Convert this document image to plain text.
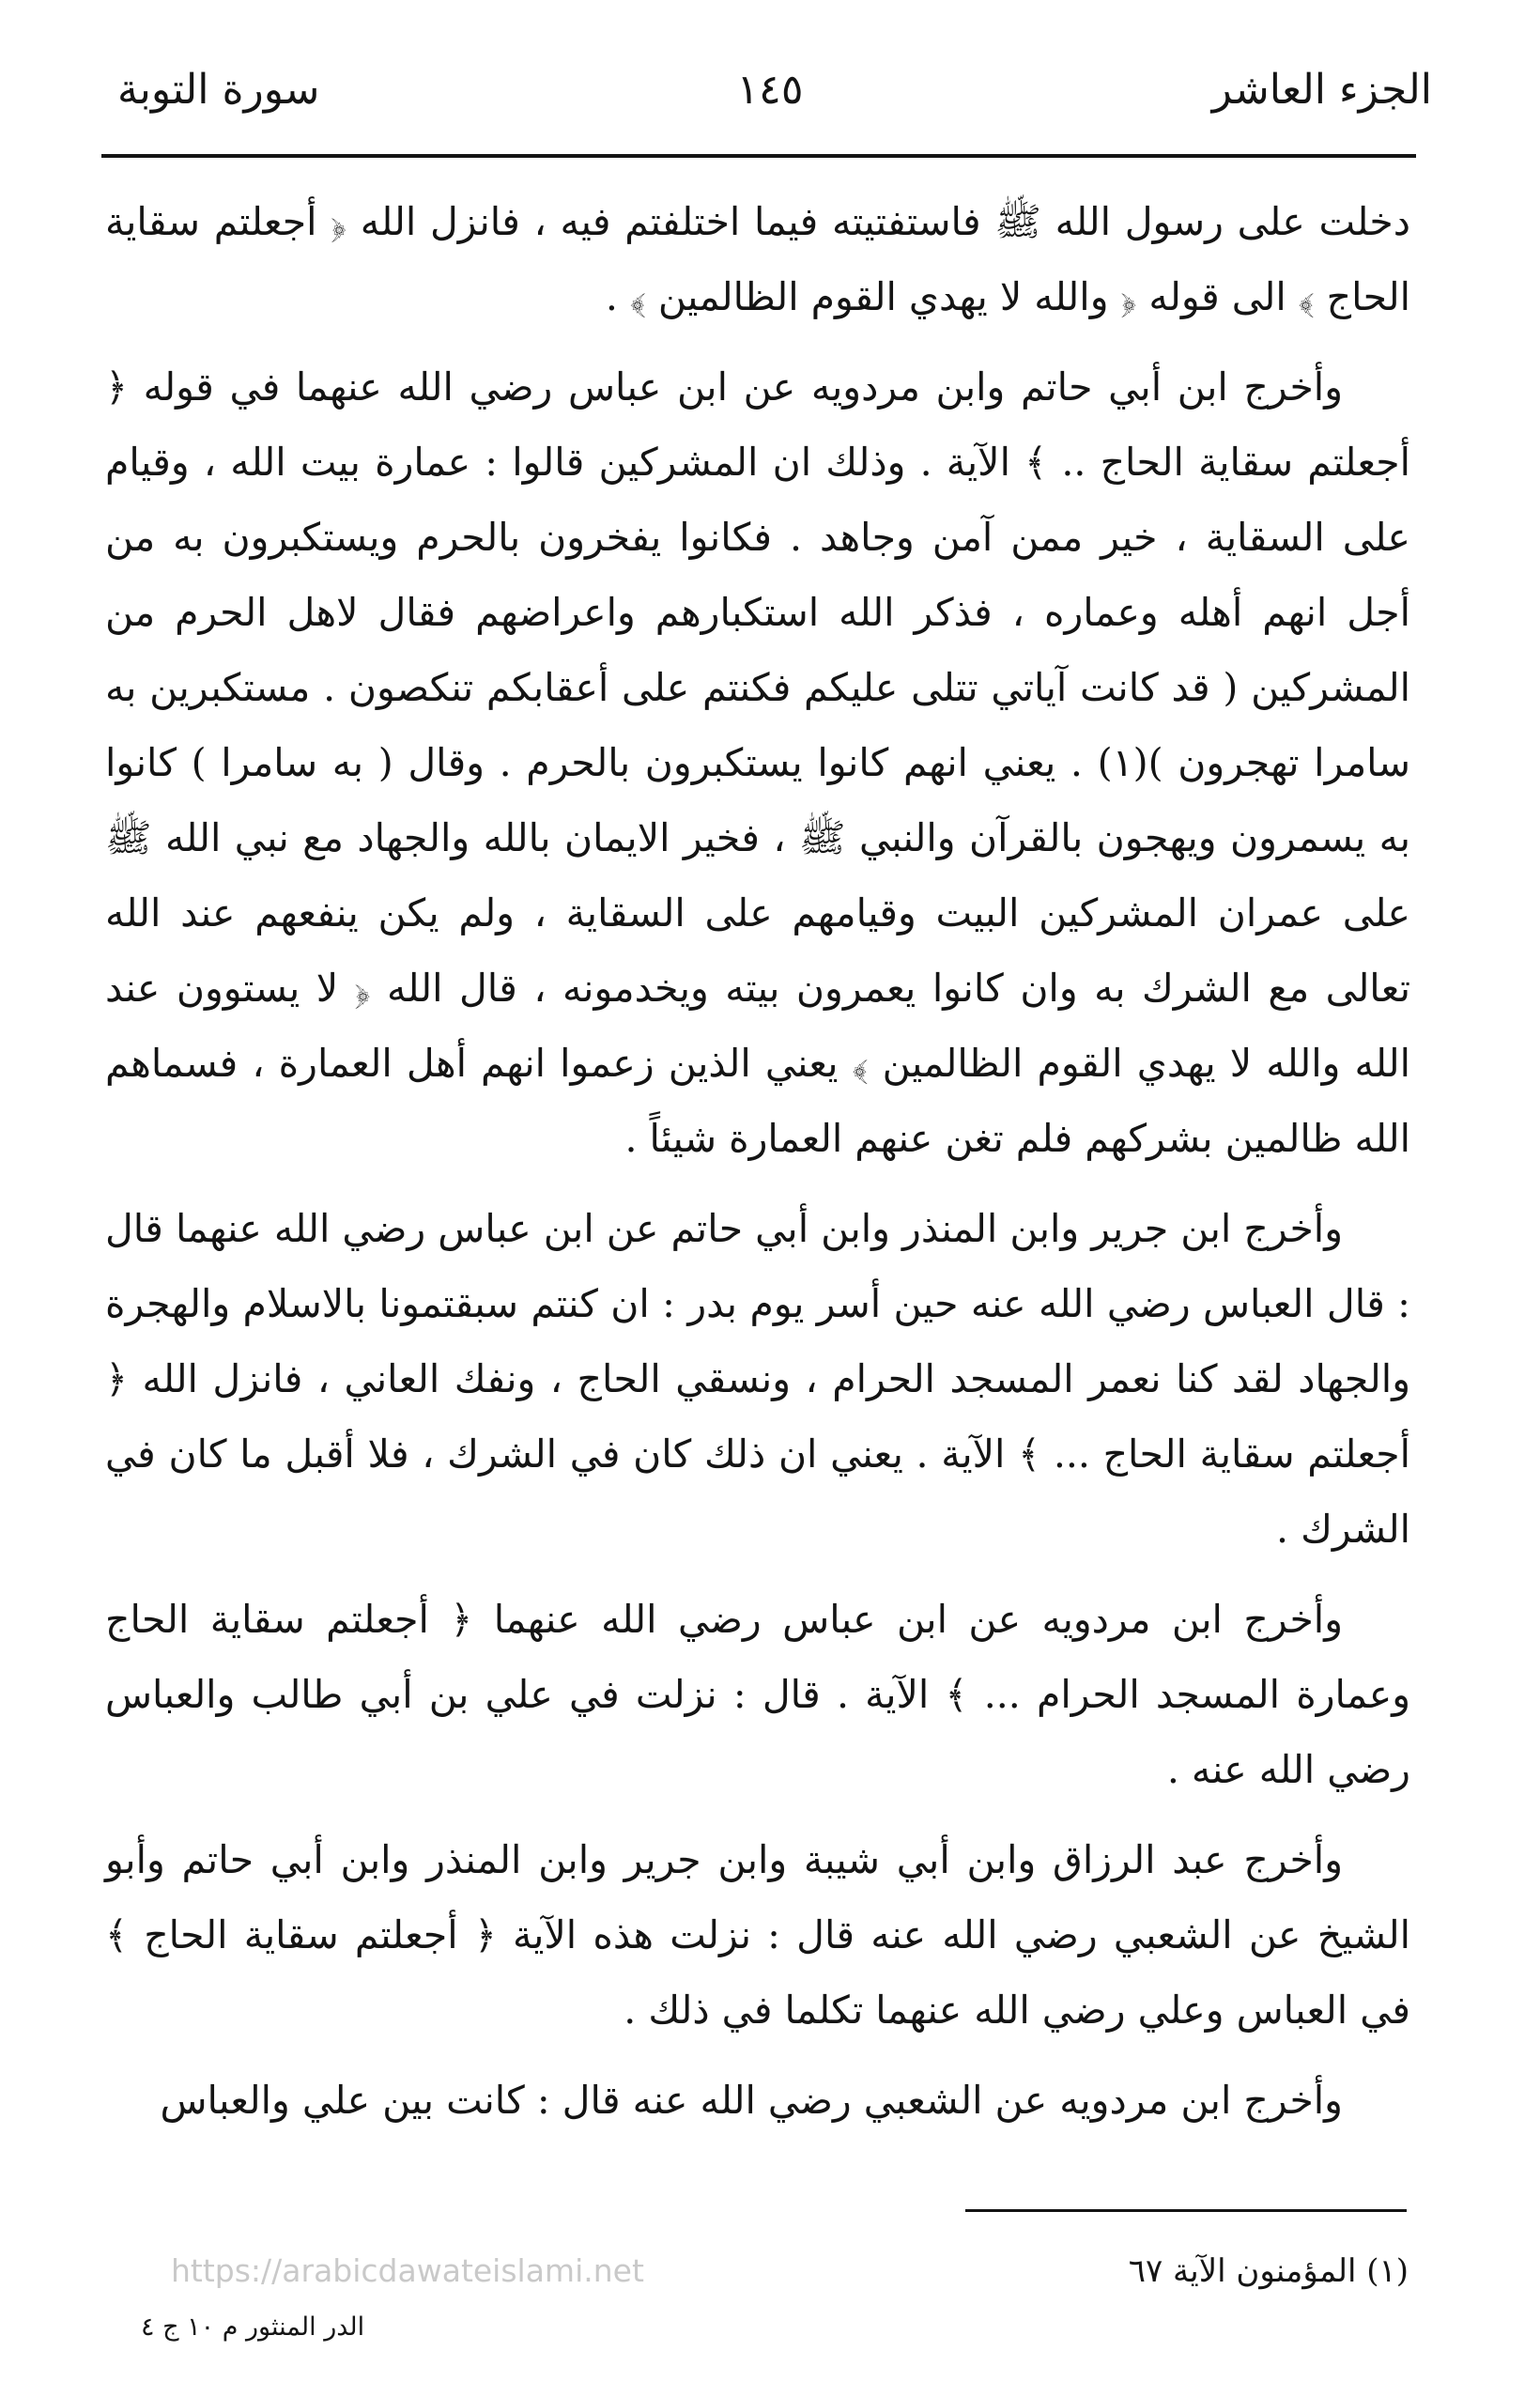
الجزء العاشر
١٤٥
سورة التوبة

دخلت على رسول الله ﷺ فاستفتيته فيما اختلفتم فيه ، فانزل الله ﴿ أجعلتم سقاية الحاج ﴾ الى قوله ﴿ والله لا يهدي القوم الظالمين ﴾ .

وأخرج ابن أبي حاتم وابن مردويه عن ابن عباس رضي الله عنهما في قوله ﴿ أجعلتم سقاية الحاج .. ﴾ الآية . وذلك ان المشركين قالوا : عمارة بيت الله ، وقيام على السقاية ، خير ممن آمن وجاهد . فكانوا يفخرون بالحرم ويستكبرون به من أجل انهم أهله وعماره ، فذكر الله استكبارهم واعراضهم فقال لاهل الحرم من المشركين ( قد كانت آياتي تتلى عليكم فكنتم على أعقابكم تنكصون . مستكبرين به سامرا تهجرون )(١) . يعني انهم كانوا يستكبرون بالحرم . وقال ( به سامرا ) كانوا به يسمرون ويهجون بالقرآن والنبي ﷺ ، فخير الايمان بالله والجهاد مع نبي الله ﷺ على عمران المشركين البيت وقيامهم على السقاية ، ولم يكن ينفعهم عند الله تعالى مع الشرك به وان كانوا يعمرون بيته ويخدمونه ، قال الله ﴿ لا يستوون عند الله والله لا يهدي القوم الظالمين ﴾ يعني الذين زعموا انهم أهل العمارة ، فسماهم الله ظالمين بشركهم فلم تغن عنهم العمارة شيئاً .

وأخرج ابن جرير وابن المنذر وابن أبي حاتم عن ابن عباس رضي الله عنهما قال : قال العباس رضي الله عنه حين أسر يوم بدر : ان كنتم سبقتمونا بالاسلام والهجرة والجهاد لقد كنا نعمر المسجد الحرام ، ونسقي الحاج ، ونفك العاني ، فانزل الله ﴿ أجعلتم سقاية الحاج ... ﴾ الآية . يعني ان ذلك كان في الشرك ، فلا أقبل ما كان في الشرك .

وأخرج ابن مردويه عن ابن عباس رضي الله عنهما ﴿ أجعلتم سقاية الحاج وعمارة المسجد الحرام ... ﴾ الآية . قال : نزلت في علي بن أبي طالب والعباس رضي الله عنه .

وأخرج عبد الرزاق وابن أبي شيبة وابن جرير وابن المنذر وابن أبي حاتم وأبو الشيخ عن الشعبي رضي الله عنه قال : نزلت هذه الآية ﴿ أجعلتم سقاية الحاج ﴾ في العباس وعلي رضي الله عنهما تكلما في ذلك .

وأخرج ابن مردويه عن الشعبي رضي الله عنه قال : كانت بين علي والعباس

(١) المؤمنون الآية ٦٧
https://arabicdawateislami.net
الدر المنثور م ١٠ ج ٤
